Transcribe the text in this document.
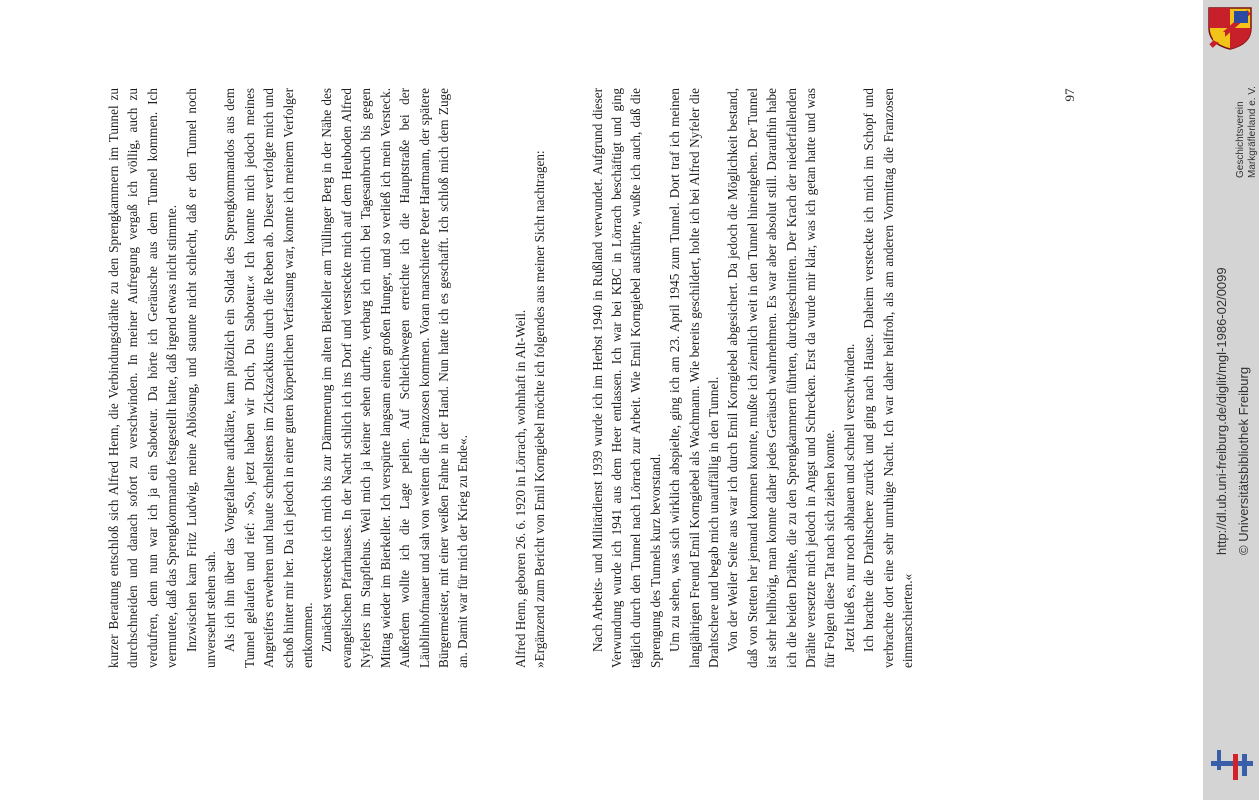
kurzer Beratung entschloß sich Alfred Henn, die Verbindungsdrähte zu den Sprengkammern im Tunnel zu durchschneiden und danach sofort zu verschwinden. In meiner Aufregung vergaß ich völlig, auch zu verdufren, denn nun war ich ja ein Saboteur. Da hörte ich Geräusche aus dem Tunnel kommen. Ich vermutete, daß das Sprengkommando festgestellt hatte, daß irgend etwas nicht stimmte. Inzwischen kam Fritz Ludwig, meine Ablösung, und staunte nicht schlecht, daß er den Tunnel noch unversehrt stehen sah. Als ich ihn über das Vorgefallene aufklärte, kam plötzlich ein Soldat des Sprengkommandos aus dem Tunnel gelaufen und rief: »So, jetzt haben wir Dich, Du Saboteur.« Ich konnte mich jedoch meines Angreifers erwehren und haute schnellstens im Zickzackkurs durch die Reben ab. Dieser verfolgte mich und schoß hinter mir her. Da ich jedoch in einer guten körperlichen Verfassung war, konnte ich meinem Verfolger entkommen. Zunächst versteckte ich mich bis zur Dämmerung im alten Bierkeller am Tüllinger Berg in der Nähe des evangelischen Pfarrhauses. In der Nacht schlich ich ins Dorf und versteckte mich auf dem Heuboden Alfred Nyfelers im Stapflehus. Weil mich ja keiner sehen durfte, verbarg ich mich bei Tagesanbruch bis gegen Mittag wieder im Bierkeller. Ich verspürte langsam einen großen Hunger, und so verließ ich mein Versteck. Außerdem wollte ich die Lage peilen. Auf Schleichwegen erreichte ich die Hauptstraße bei der Läublinhofmauer und sah von weitem die Franzosen kommen. Voran marschierte Peter Hartmann, der spätere Bürgermeister, mit einer weißen Fahne in der Hand. Nun hatte ich es geschafft. Ich schloß mich dem Zuge an. Damit war für mich der Krieg zu Ende«.	Alfred Henn, geboren 26. 6. 1920 in Lörrach, wohnhaft in Alt-Weil. »Ergänzend zum Bericht von Emil Korngiebel möchte ich folgendes aus meiner Sicht nachtragen:	Nach Arbeits- und Militärdienst 1939 wurde ich im Herbst 1940 in Rußland verwundet. Aufgrund dieser Verwundung wurde ich 1941 aus dem Heer entlassen. Ich war bei KBC in Lörrach beschäftigt und ging täglich durch den Tunnel nach Lörrach zur Arbeit. Wie Emil Korngiebel ausführte, wußte ich auch, daß die Sprengung des Tunnels kurz bevorstand. Um zu sehen, was sich wirklich abspielte, ging ich am 23. April 1945 zum Tunnel. Dort traf ich meinen langjährigen Freund Emil Korngiebel als Wachmann. Wie bereits geschildert, holte ich bei Alfred Nyfeler die Drahtschere und begab mich unauffällig in den Tunnel. Von der Weiler Seite aus war ich durch Emil Korngiebel abgesichert. Da jedoch die Möglichkeit bestand, daß von Stetten her jemand kommen konnte, mußte ich ziemlich weit in den Tunnel hineingehen. Der Tunnel ist sehr hellhörig, man konnte daher jedes Geräusch wahrnehmen. Es war aber absolut still. Daraufhin habe ich die beiden Drähte, die zu den Sprengkammern führten, durchgeschnitten. Der Krach der niederfallenden Drähte versetzte mich jedoch in Angst und Schrecken. Erst da wurde mir klar, was ich getan hatte und was für Folgen diese Tat nach sich ziehen konnte. Jetzt hieß es, nur noch abhauen und schnell verschwinden. Ich brachte die Drahtschere zurück und ging nach Hause. Daheim versteckte ich mich im Schopf und verbrachte dort eine sehr unruhige Nacht. Ich war daher heilfroh, als am anderen Vormittag die Franzosen einmarschierten.«

97
Geschichtsverein Markgräflerland e. V.
http://dl.ub.uni-freiburg.de/diglit/mgl-1986-02/0099 © Universitätsbibliothek Freiburg
